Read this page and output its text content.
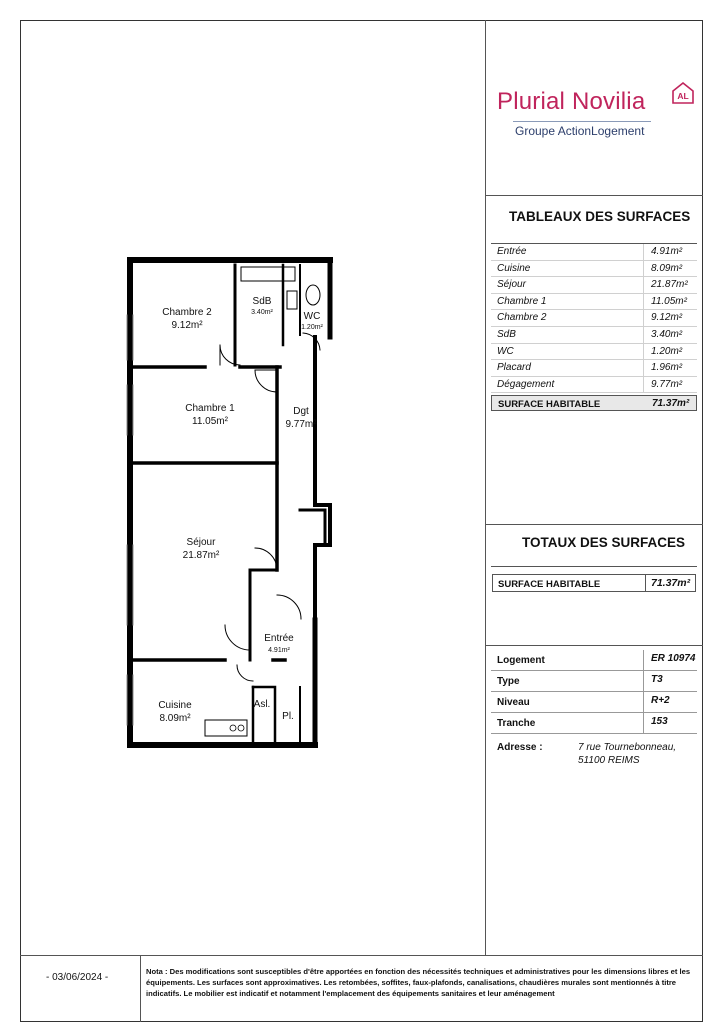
Plurial Novilia	AL
Groupe ActionLogement
TABLEAUX DES SURFACES
Entrée	4.91m²
Cuisine	8.09m²
Séjour	21.87m²
Chambre 1	11.05m²
Chambre 2	9.12m²
SdB	3.40m²
WC	1.20m²
Placard	1.96m²
Dégagement	9.77m²
SURFACE HABITABLE	71.37m²
TOTAUX DES SURFACES
SURFACE HABITABLE	71.37m²
Logement	ER 10974
Type	T3
Niveau	R+2
Tranche	153
Adresse :	7 rue Tournebonneau,
51100 REIMS
Chambre 2
9.12m²
SdB
3.40m²	WC
1.20m²
Chambre 1
11.05m²
Dgt
9.77m²
Séjour
21.87m²
Entrée
4.91m²
Cuisine
8.09m²
Asl.
Pl.
- 03/06/2024 -
Nota : Des modifications sont susceptibles d'être apportées en fonction des nécessités techniques et administratives pour les dimensions libres et les équipements. Les surfaces sont approximatives. Les retombées, soffites, faux-plafonds, canalisations, chaudières murales sont mentionnés à titre indicatifs. Le mobilier est indicatif et notamment l'emplacement des équipements sanitaires et leur aménagement
